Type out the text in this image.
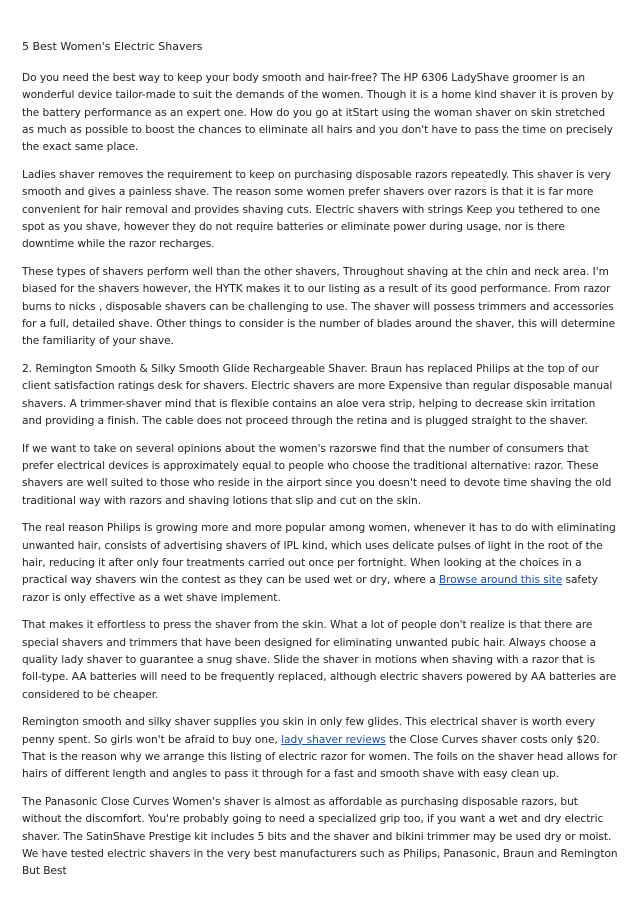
5 Best Women's Electric Shavers

Do you need the best way to keep your body smooth and hair-free? The HP 6306 LadyShave groomer is an wonderful device tailor-made to suit the demands of the women. Though it is a home kind shaver it is proven by the battery performance as an expert one. How do you go at itStart using the woman shaver on skin stretched as much as possible to boost the chances to eliminate all hairs and you don't have to pass the time on precisely the exact same place.

Ladies shaver removes the requirement to keep on purchasing disposable razors repeatedly. This shaver is very smooth and gives a painless shave. The reason some women prefer shavers over razors is that it is far more convenient for hair removal and provides shaving cuts. Electric shavers with strings Keep you tethered to one spot as you shave, however they do not require batteries or eliminate power during usage, nor is there downtime while the razor recharges.

These types of shavers perform well than the other shavers, Throughout shaving at the chin and neck area. I'm biased for the shavers however, the HYTK makes it to our listing as a result of its good performance. From razor burns to nicks , disposable shavers can be challenging to use. The shaver will possess trimmers and accessories for a full, detailed shave. Other things to consider is the number of blades around the shaver, this will determine the familiarity of your shave.

2. Remington Smooth & Silky Smooth Glide Rechargeable Shaver. Braun has replaced Philips at the top of our client satisfaction ratings desk for shavers. Electric shavers are more Expensive than regular disposable manual shavers. A trimmer-shaver mind that is flexible contains an aloe vera strip, helping to decrease skin irritation and providing a finish. The cable does not proceed through the retina and is plugged straight to the shaver.

If we want to take on several opinions about the women's razorswe find that the number of consumers that prefer electrical devices is approximately equal to people who choose the traditional alternative: razor. These shavers are well suited to those who reside in the airport since you doesn't need to devote time shaving the old traditional way with razors and shaving lotions that slip and cut on the skin.

The real reason Philips is growing more and more popular among women, whenever it has to do with eliminating unwanted hair, consists of advertising shavers of IPL kind, which uses delicate pulses of light in the root of the hair, reducing it after only four treatments carried out once per fortnight. When looking at the choices in a practical way shavers win the contest as they can be used wet or dry, where a Browse around this site safety razor is only effective as a wet shave implement.

That makes it effortless to press the shaver from the skin. What a lot of people don't realize is that there are special shavers and trimmers that have been designed for eliminating unwanted pubic hair. Always choose a quality lady shaver to guarantee a snug shave. Slide the shaver in motions when shaving with a razor that is foil-type. AA batteries will need to be frequently replaced, although electric shavers powered by AA batteries are considered to be cheaper.

Remington smooth and silky shaver supplies you skin in only few glides. This electrical shaver is worth every penny spent. So girls won't be afraid to buy one, lady shaver reviews the Close Curves shaver costs only $20. That is the reason why we arrange this listing of electric razor for women. The foils on the shaver head allows for hairs of different length and angles to pass it through for a fast and smooth shave with easy clean up.

The Panasonic Close Curves Women's shaver is almost as affordable as purchasing disposable razors, but without the discomfort. You're probably going to need a specialized grip too, if you want a wet and dry electric shaver. The SatinShave Prestige kit includes 5 bits and the shaver and bikini trimmer may be used dry or moist. We have tested electric shavers in the very best manufacturers such as Philips, Panasonic, Braun and Remington But Best
